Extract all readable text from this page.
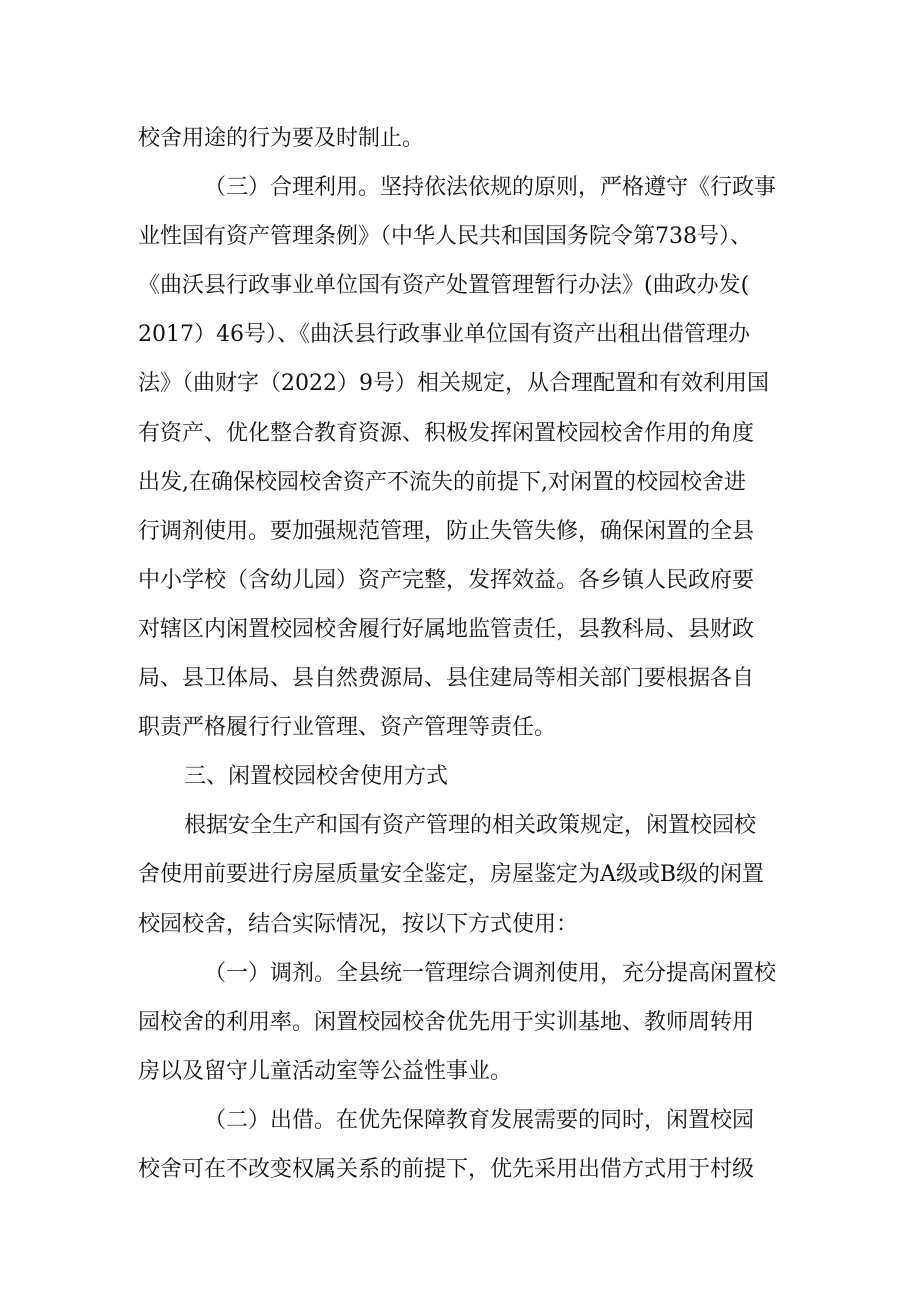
校舍用途的行为要及时制止。
（三）合理利用。坚持依法依规的原则，严格遵守《行政事
业性国有资产管理条例》（中华人民共和国国务院令第738号）、
《曲沃县行政事业单位国有资产处置管理暂行办法》(曲政办发(
2017）46号）、《曲沃县行政事业单位国有资产出租出借管理办
法》（曲财字（2022）9号）相关规定，从合理配置和有效利用国
有资产、优化整合教育资源、积极发挥闲置校园校舍作用的角度
出发,在确保校园校舍资产不流失的前提下,对闲置的校园校舍进
行调剂使用。要加强规范管理，防止失管失修，确保闲置的全县
中小学校（含幼儿园）资产完整，发挥效益。各乡镇人民政府要
对辖区内闲置校园校舍履行好属地监管责任，县教科局、县财政
局、县卫体局、县自然费源局、县住建局等相关部门要根据各自
职责严格履行行业管理、资产管理等责任。
三、闲置校园校舍使用方式
根据安全生产和国有资产管理的相关政策规定，闲置校园校
舍使用前要进行房屋质量安全鉴定，房屋鉴定为A级或B级的闲置
校园校舍，结合实际情况，按以下方式使用：
（一）调剂。全县统一管理综合调剂使用，充分提高闲置校
园校舍的利用率。闲置校园校舍优先用于实训基地、教师周转用
房以及留守儿童活动室等公益性事业。
（二）出借。在优先保障教育发展需要的同时，闲置校园
校舍可在不改变权属关系的前提下，优先采用出借方式用于村级
